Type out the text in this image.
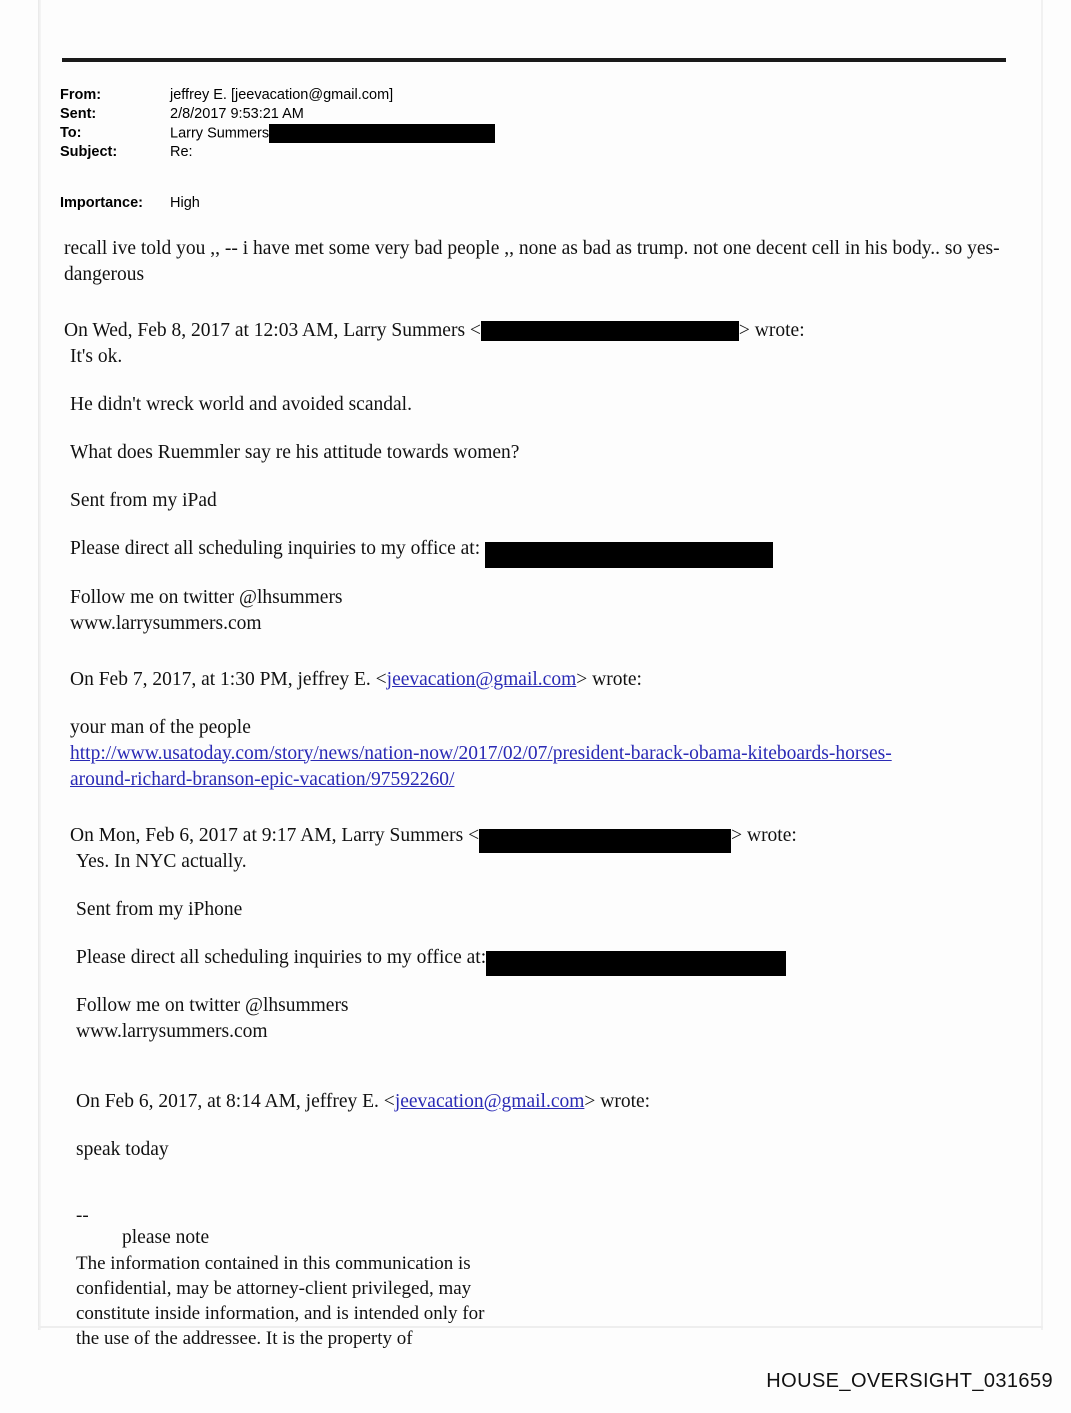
From:	jeffrey E. [jeevacation@gmail.com]
Sent:	2/8/2017 9:53:21 AM
To:	Larry Summers
Subject:	Re:
Importance:	High
recall ive told you ,, -- i have met some very bad people ,, none as bad as trump. not one decent cell in his body.. so yes- dangerous
On Wed, Feb 8, 2017 at 12:03 AM, Larry Summers <	> wrote:
It's ok.
He didn't wreck world and avoided scandal.
What does Ruemmler say re his attitude towards women?
Sent from my iPad
Please direct all scheduling inquiries to my office at:
Follow me on twitter @lhsummers
www.larrysummers.com
On Feb 7, 2017, at 1:30 PM, jeffrey E. <jeevacation@gmail.com> wrote:
your man of the people
http://www.usatoday.com/story/news/nation-now/2017/02/07/president-barack-obama-kiteboards-horses-
around-richard-branson-epic-vacation/97592260/
On Mon, Feb 6, 2017 at 9:17 AM, Larry Summers <	> wrote:
Yes. In NYC actually.
Sent from my iPhone
Please direct all scheduling inquiries to my office at:
Follow me on twitter @lhsummers
www.larrysummers.com
On Feb 6, 2017, at 8:14 AM, jeffrey E. <jeevacation@gmail.com> wrote:
speak today
--
please note
The information contained in this communication is
confidential, may be attorney-client privileged, may
constitute inside information, and is intended only for
the use of the addressee. It is the property of
HOUSE_OVERSIGHT_031659
